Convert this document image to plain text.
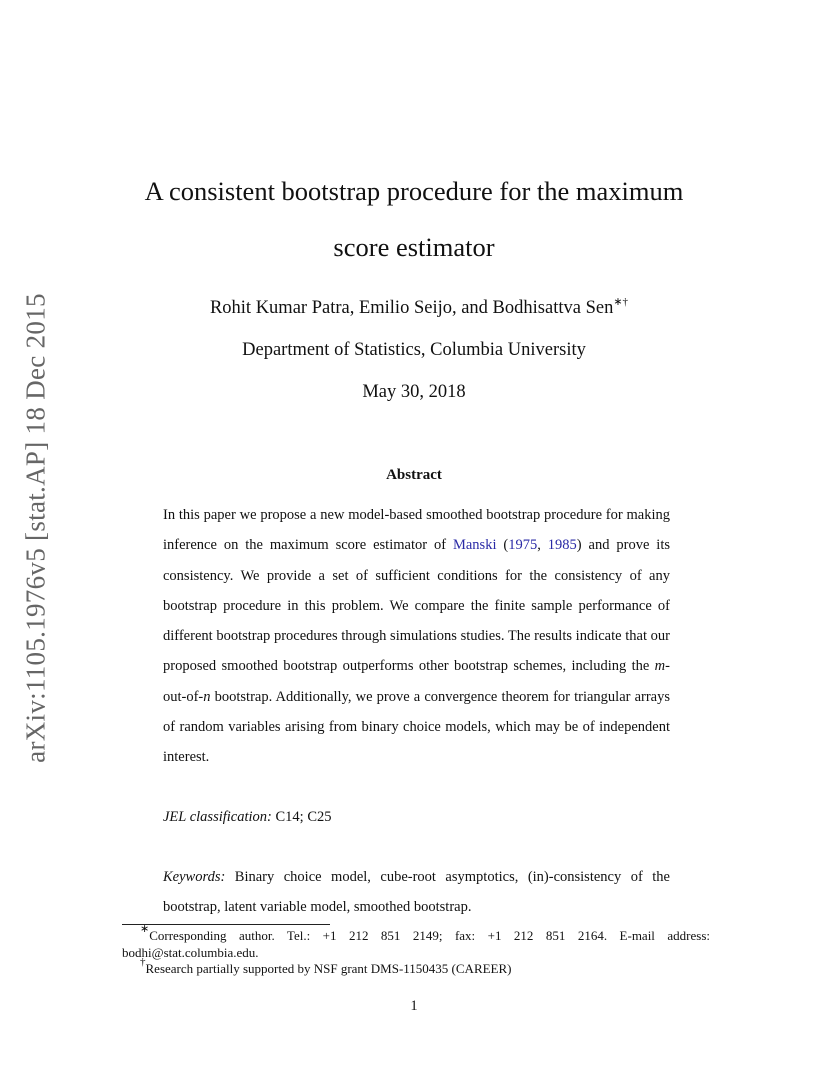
arXiv:1105.1976v5 [stat.AP] 18 Dec 2015
A consistent bootstrap procedure for the maximum
score estimator
Rohit Kumar Patra, Emilio Seijo, and Bodhisattva Sen∗†
Department of Statistics, Columbia University
May 30, 2018
Abstract

In this paper we propose a new model-based smoothed bootstrap procedure for making inference on the maximum score estimator of Manski (1975, 1985) and prove its consistency. We provide a set of sufficient conditions for the consistency of any bootstrap procedure in this problem. We compare the finite sample performance of different bootstrap procedures through simulations studies. The results indicate that our proposed smoothed bootstrap outperforms other bootstrap schemes, including the m-out-of-n bootstrap. Additionally, we prove a convergence theorem for triangular arrays of random variables arising from binary choice models, which may be of independent interest.

JEL classification: C14; C25

Keywords: Binary choice model, cube-root asymptotics, (in)-consistency of the bootstrap, latent variable model, smoothed bootstrap.

∗Corresponding author. Tel.: +1 212 851 2149; fax: +1 212 851 2164. E-mail address: bodhi@stat.columbia.edu.

†Research partially supported by NSF grant DMS-1150435 (CAREER)

1
